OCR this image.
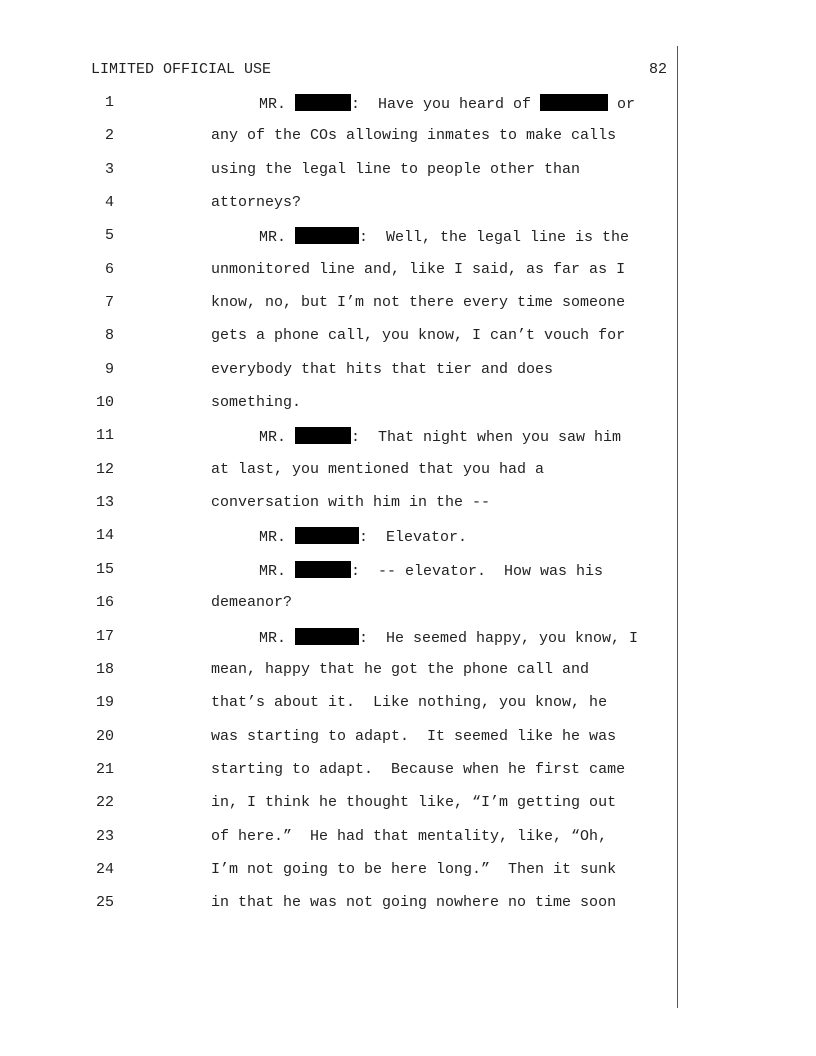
LIMITED OFFICIAL USE	82

1

	MR.	:  Have you heard of	or

2

	any of the COs allowing inmates to make calls

3

	using the legal line to people other than

4

	attorneys?

5

	MR.	:  Well, the legal line is the

6

	unmonitored line and, like I said, as far as I

7

	know, no, but I’m not there every time someone

8

	gets a phone call, you know, I can’t vouch for

9

	everybody that hits that tier and does

10

	something.

11

	MR.	:  That night when you saw him

12

	at last, you mentioned that you had a

13

	conversation with him in the --

14

	MR.	:  Elevator.

15

	MR.	:  -- elevator.  How was his

16

	demeanor?

17

	MR.	:  He seemed happy, you know, I

18

	mean, happy that he got the phone call and

19

	that’s about it.  Like nothing, you know, he

20

	was starting to adapt.  It seemed like he was

21

	starting to adapt.  Because when he first came

22

	in, I think he thought like, “I’m getting out

23

	of here.”  He had that mentality, like, “Oh,

24

	I’m not going to be here long.”  Then it sunk

25

	in that he was not going nowhere no time soon
